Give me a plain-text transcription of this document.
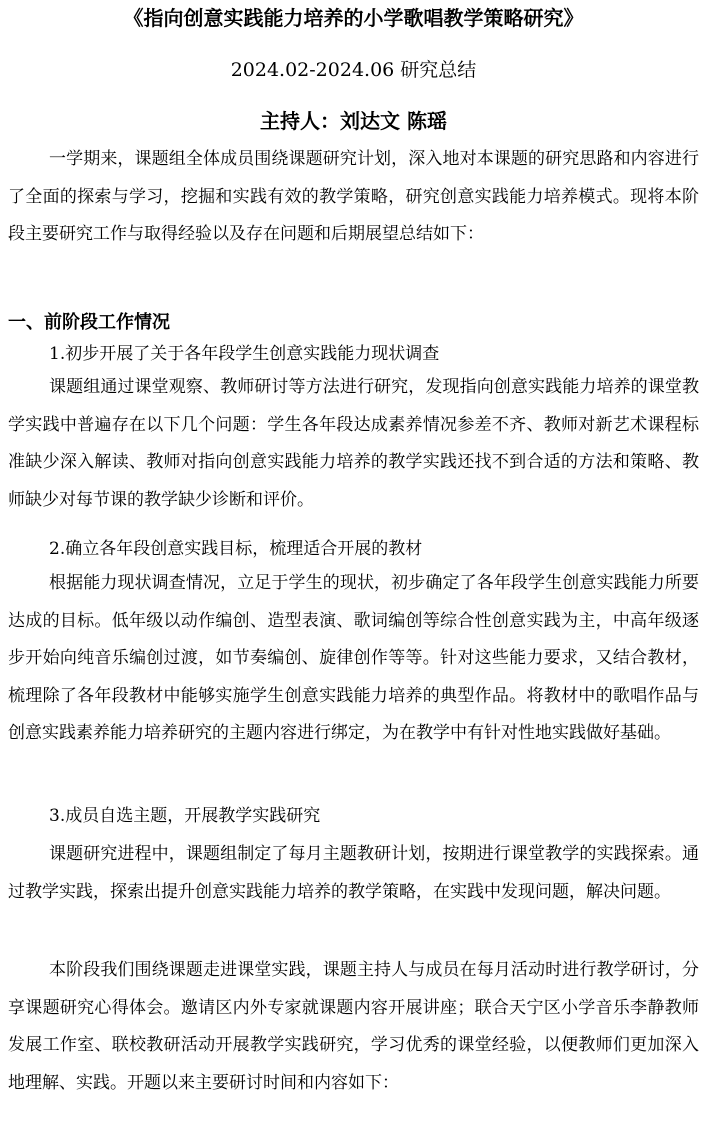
《指向创意实践能力培养的小学歌唱教学策略研究》
2024.02-2024.06 研究总结
主持人：刘达文 陈瑶
一学期来，课题组全体成员围绕课题研究计划，深入地对本课题的研究思路和内容进行了全面的探索与学习，挖掘和实践有效的教学策略，研究创意实践能力培养模式。现将本阶段主要研究工作与取得经验以及存在问题和后期展望总结如下：
一、前阶段工作情况
1.初步开展了关于各年段学生创意实践能力现状调查
课题组通过课堂观察、教师研讨等方法进行研究，发现指向创意实践能力培养的课堂教学实践中普遍存在以下几个问题：学生各年段达成素养情况参差不齐、教师对新艺术课程标准缺少深入解读、教师对指向创意实践能力培养的教学实践还找不到合适的方法和策略、教师缺少对每节课的教学缺少诊断和评价。
2.确立各年段创意实践目标，梳理适合开展的教材
根据能力现状调查情况，立足于学生的现状，初步确定了各年段学生创意实践能力所要达成的目标。低年级以动作编创、造型表演、歌词编创等综合性创意实践为主，中高年级逐步开始向纯音乐编创过渡，如节奏编创、旋律创作等等。针对这些能力要求，又结合教材，梳理除了各年段教材中能够实施学生创意实践能力培养的典型作品。将教材中的歌唱作品与创意实践素养能力培养研究的主题内容进行绑定，为在教学中有针对性地实践做好基础。
3.成员自选主题，开展教学实践研究
课题研究进程中，课题组制定了每月主题教研计划，按期进行课堂教学的实践探索。通过教学实践，探索出提升创意实践能力培养的教学策略，在实践中发现问题，解决问题。
本阶段我们围绕课题走进课堂实践，课题主持人与成员在每月活动时进行教学研讨，分享课题研究心得体会。邀请区内外专家就课题内容开展讲座；联合天宁区小学音乐李静教师发展工作室、联校教研活动开展教学实践研究，学习优秀的课堂经验，以便教师们更加深入地理解、实践。开题以来主要研讨时间和内容如下：
